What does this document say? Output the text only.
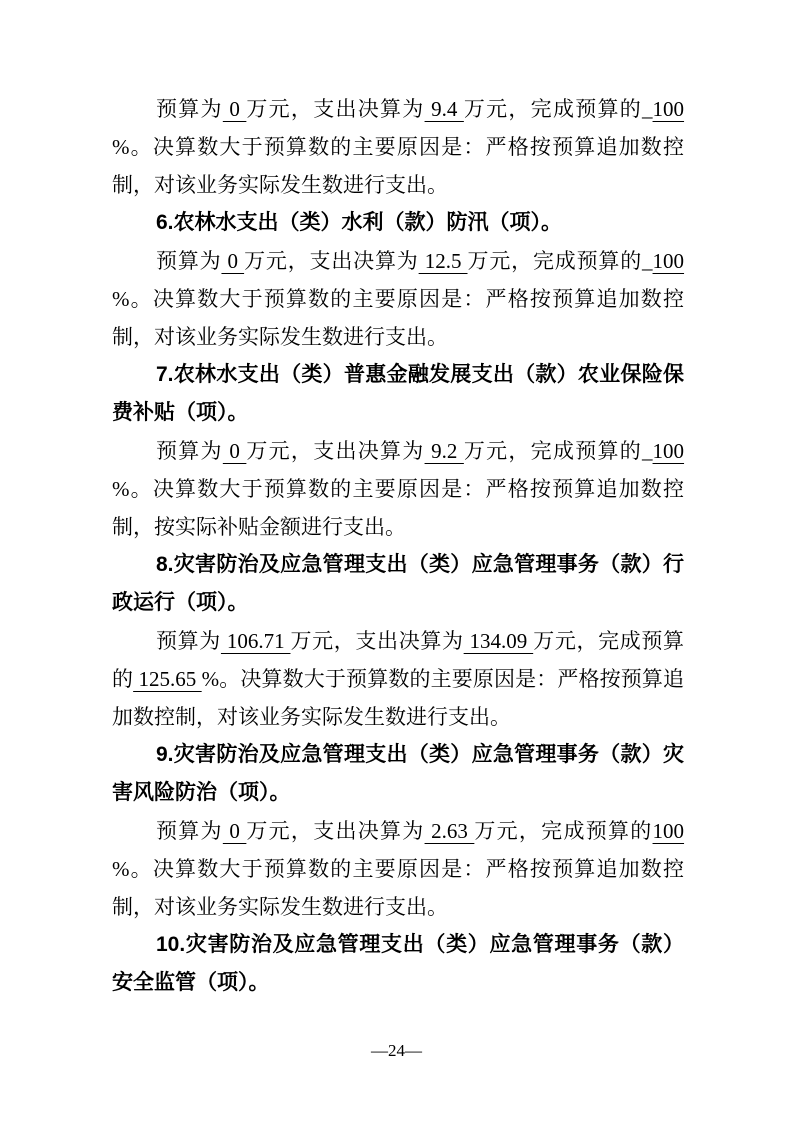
预算为 0 万元，支出决算为 9.4 万元，完成预算的_100 %。决算数大于预算数的主要原因是：严格按预算追加数控制，对该业务实际发生数进行支出。

6.农林水支出（类）水利（款）防汛（项）。

预算为 0 万元，支出决算为 12.5 万元，完成预算的_100 %。决算数大于预算数的主要原因是：严格按预算追加数控制，对该业务实际发生数进行支出。

7.农林水支出（类）普惠金融发展支出（款）农业保险保费补贴（项）。

预算为 0 万元，支出决算为 9.2 万元，完成预算的_100 %。决算数大于预算数的主要原因是：严格按预算追加数控制，按实际补贴金额进行支出。

8.灾害防治及应急管理支出（类）应急管理事务（款）行政运行（项）。

预算为 106.71 万元，支出决算为 134.09 万元，完成预算的 125.65 %。决算数大于预算数的主要原因是：严格按预算追加数控制，对该业务实际发生数进行支出。

9.灾害防治及应急管理支出（类）应急管理事务（款）灾害风险防治（项）。

预算为 0 万元，支出决算为 2.63 万元，完成预算的100 %。决算数大于预算数的主要原因是：严格按预算追加数控制，对该业务实际发生数进行支出。

10.灾害防治及应急管理支出（类）应急管理事务（款）安全监管（项）。

—24—
